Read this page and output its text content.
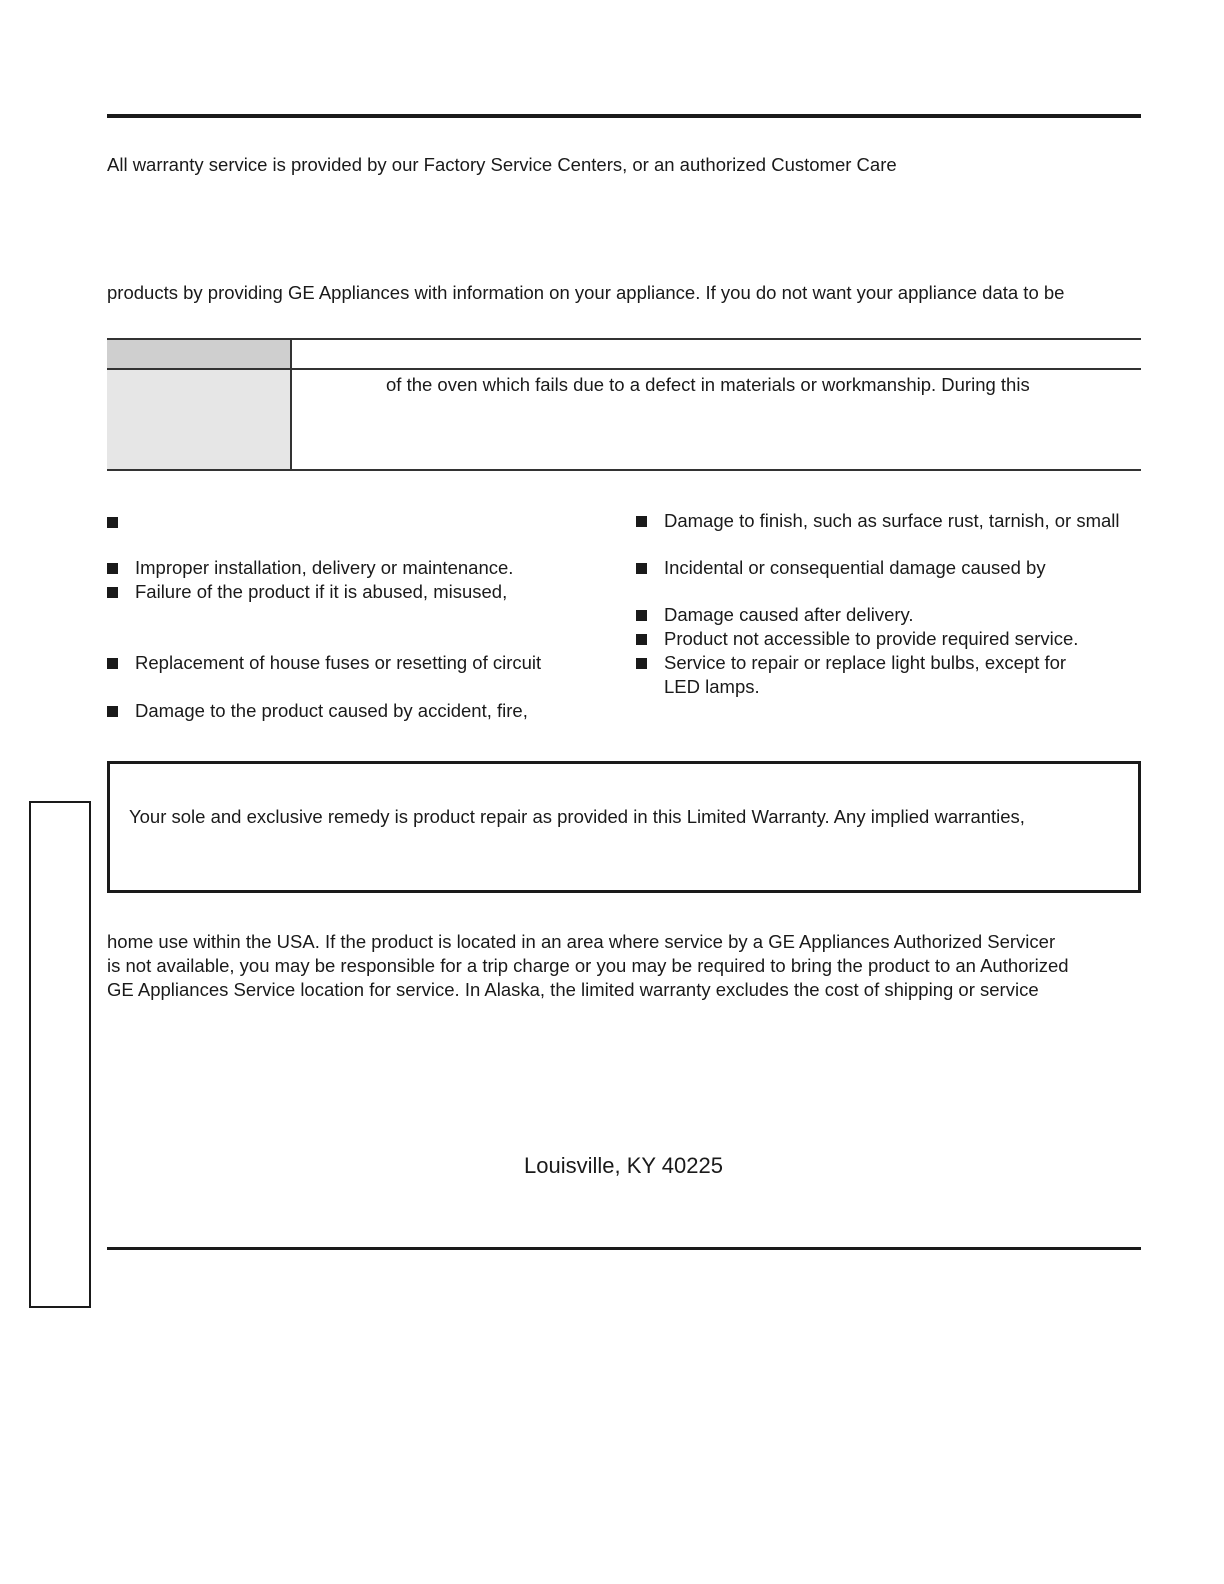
All warranty service is provided by our Factory Service Centers, or an authorized Customer Care
products by providing GE Appliances with information on your appliance. If you do not want your appliance data to be
of the oven which fails due to a defect in materials or workmanship. During this
Improper installation, delivery or maintenance.
Failure of the product if it is abused, misused,
Replacement of house fuses or resetting of circuit
Damage to the product caused by accident, fire,
Damage to finish, such as surface rust, tarnish, or small
Incidental or consequential damage caused by
Damage caused after delivery.
Product not accessible to provide required service.
Service to repair or replace light bulbs, except for
LED lamps.
Your sole and exclusive remedy is product repair as provided in this Limited Warranty. Any implied warranties,
home use within the USA. If the product is located in an area where service by a GE Appliances Authorized Servicer
is not available, you may be responsible for a trip charge or you may be required to bring the product to an Authorized
GE Appliances Service location for service. In Alaska, the limited warranty excludes the cost of shipping or service
Louisville, KY 40225
